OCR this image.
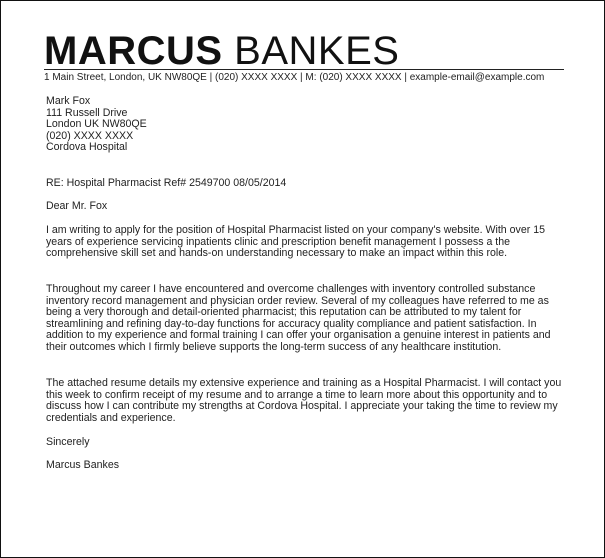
MARCUS BANKES
1 Main Street, London, UK NW80QE | (020) XXXX XXXX | M: (020) XXXX XXXX | example-email@example.com
Mark Fox
111 Russell Drive
London UK NW80QE
(020) XXXX XXXX
Cordova Hospital
RE: Hospital Pharmacist Ref# 2549700 08/05/2014
Dear Mr. Fox

I am writing to apply for the position of Hospital Pharmacist listed on your company's website. With over 15 years of experience servicing inpatients clinic and prescription benefit management I possess a the comprehensive skill set and hands-on understanding necessary to make an impact within this role.

Throughout my career I have encountered and overcome challenges with inventory controlled substance inventory record management and physician order review. Several of my colleagues have referred to me as being a very thorough and detail-oriented pharmacist; this reputation can be attributed to my talent for streamlining and refining day-to-day functions for accuracy quality compliance and patient satisfaction. In addition to my experience and formal training I can offer your organisation a genuine interest in patients and their outcomes which I firmly believe supports the long-term success of any healthcare institution.

The attached resume details my extensive experience and training as a Hospital Pharmacist. I will contact you this week to confirm receipt of my resume and to arrange a time to learn more about this opportunity and to discuss how I can contribute my strengths at Cordova Hospital. I appreciate your taking the time to review my credentials and experience.

Sincerely
Marcus Bankes
